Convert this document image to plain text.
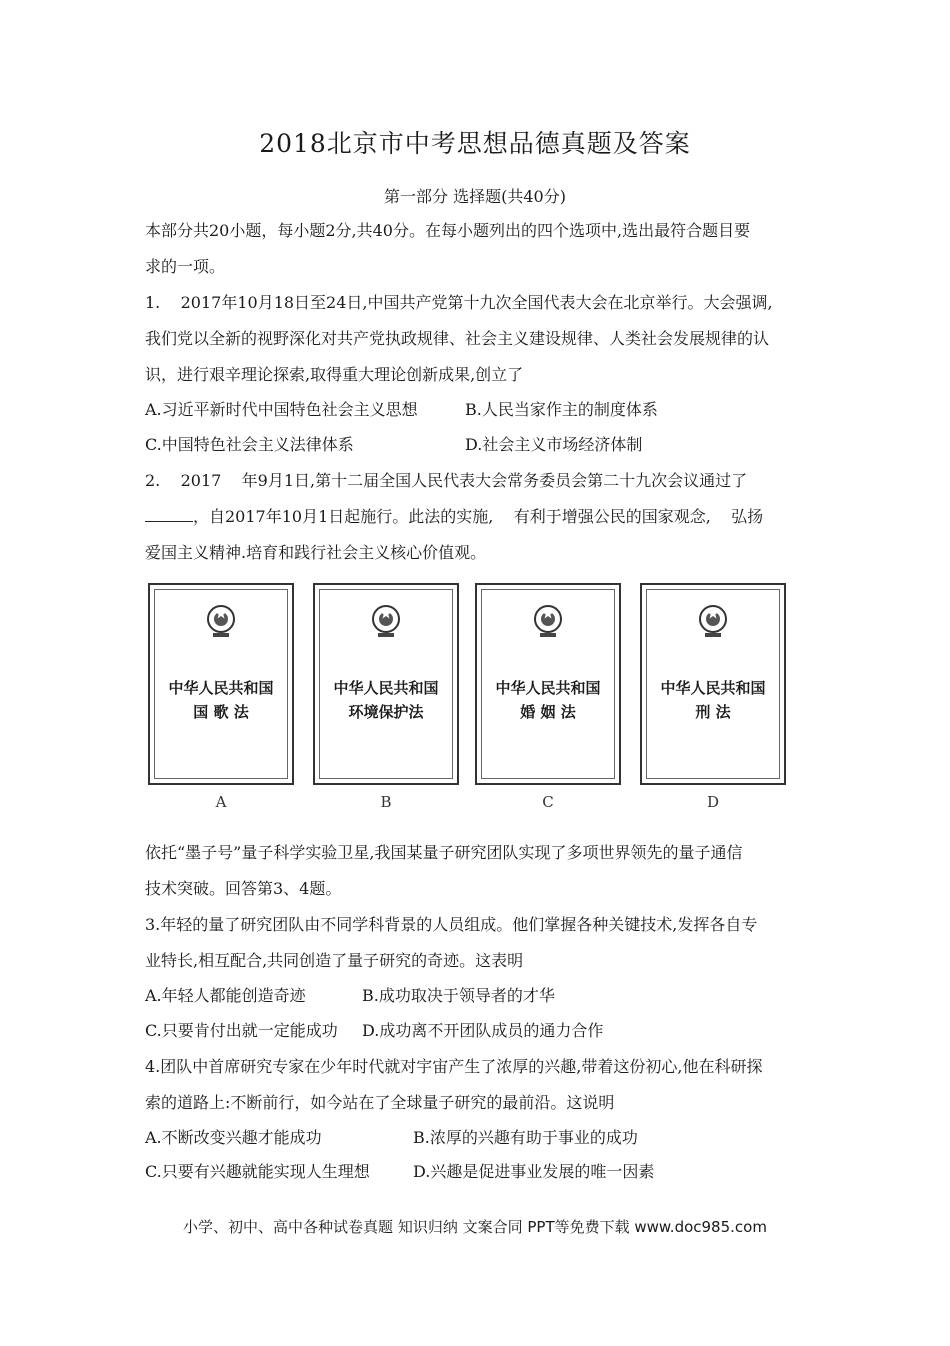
2018北京市中考思想品德真题及答案
第一部分 选择题(共40分)
本部分共20小题，每小题2分,共40分。在每小题列出的四个选项中,选出最符合题目要
求的一项。
1.    2017年10月18日至24日,中国共产党第十九次全国代表大会在北京举行。大会强调,
我们党以全新的视野深化对共产党执政规律、社会主义建设规律、人类社会发展规律的认
识，进行艰辛理论探索,取得重大理论创新成果,创立了
A.习近平新时代中国特色社会主义思想	B.人民当家作主的制度体系
C.中国特色社会主义法律体系	D.社会主义市场经济体制
2.    2017    年9月1日,第十二届全国人民代表大会常务委员会第二十九次会议通过了
，自2017年10月1日起施行。此法的实施,    有利于增强公民的国家观念,    弘扬
爱国主义精神.培育和践行社会主义核心价值观。
中华人民共和国
国 歌 法
A
中华人民共和国
环境保护法
B
中华人民共和国
婚 姻 法
C
中华人民共和国
刑 法
D
依托“墨子号”量子科学实验卫星,我国某量子研究团队实现了多项世界领先的量子通信
技术突破。回答第3、4题。
3.年轻的量了研究团队由不同学科背景的人员组成。他们掌握各种关键技术,发挥各自专
业特长,相互配合,共同创造了量子研究的奇迹。这表明
A.年轻人都能创造奇迹	B.成功取决于领导者的才华
C.只要肯付出就一定能成功 D.成功离不开团队成员的通力合作
4.团队中首席研究专家在少年时代就对宇宙产生了浓厚的兴趣,带着这份初心,他在科研探
索的道路上:不断前行，如今站在了全球量子研究的最前沿。这说明
A.不断改变兴趣才能成功	B.浓厚的兴趣有助于事业的成功
C.只要有兴趣就能实现人生理想	D.兴趣是促进事业发展的唯一因素
小学、初中、高中各种试卷真题 知识归纳 文案合同 PPT等免费下载 www.doc985.com
